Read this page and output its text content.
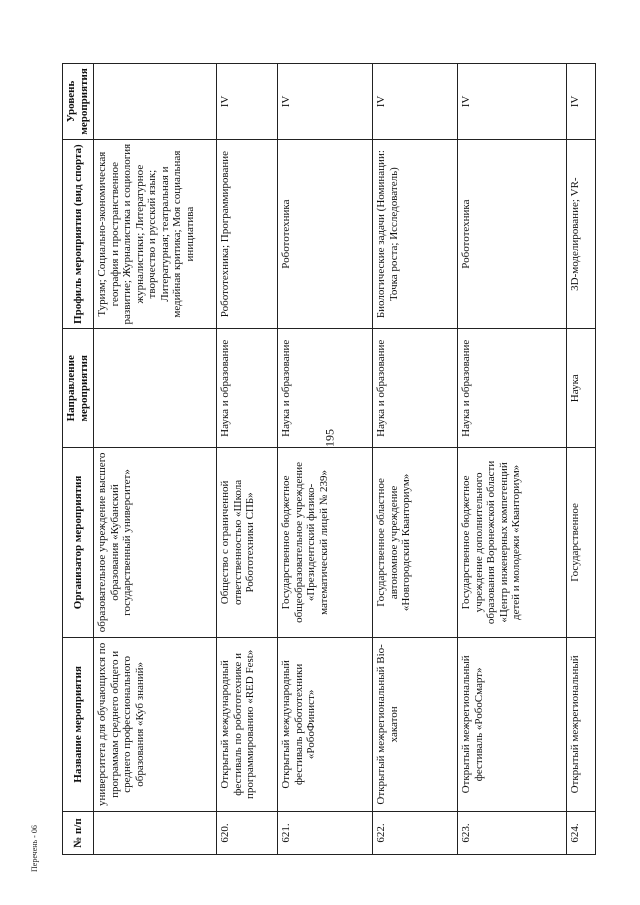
195
№ п/п	Название мероприятия	Организатор мероприятия	Направление мероприятия	Профиль мероприятия (вид спорта)	Уровень мероприятия
	университета для обучающихся по программам среднего общего и среднего профессионального образования «Куб знаний»	образовательное учреждение высшего образования «Кубанский государственный университет»		Туризм; Социально-экономическая география и пространственное развитие; Журналистика и социология журналистики; Литературное творчество и русский язык; Литературная; театральная и медийная критика; Моя социальная инициатива	
620.	Открытый международный фестиваль по робототехнике и программированию «RED Fest»	Общество с ограниченной ответственностью «Школа Робототехники СПБ»	Наука и образование	Робототехника; Программирование	IV
621.	Открытый международный фестиваль робототехники «РобоФинист»	Государственное бюджетное общеобразовательное учреждение «Президентский физико-математический лицей № 239»	Наука и образование	Робототехника	IV
622.	Открытый межрегиональный Bio-хакатон	Государственное областное автономное учреждение «Новгородский Кванториум»	Наука и образование	Биологические задачи (Номинации: Точка роста; Исследователь)	IV
623.	Открытый межрегиональный фестиваль «РобоСмарт»	Государственное бюджетное учреждение дополнительного образования Воронежской области «Центр инженерных компетенций детей и молодежи «Кванториум»	Наука и образование	Робототехника	IV

624.	Открытый межрегиональный	Государственное	Наука	3D-моделирование; VR-	IV
Перечень - 06
